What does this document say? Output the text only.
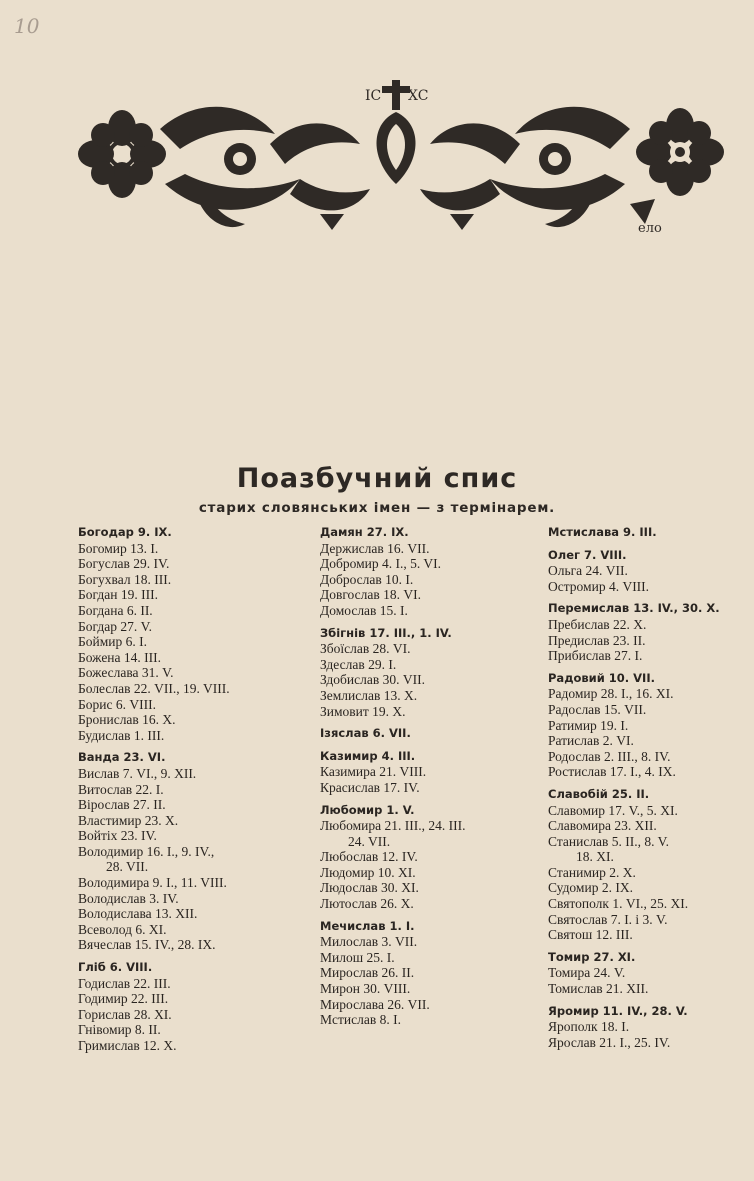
10
IC XC
ело
Поазбучний спис
старих словянських імен — з термінарем.
Богодар 9. IX.
Богомир 13. I.
Богуслав 29. IV.
Богухвал 18. III.
Богдан 19. III.
Богдана 6. II.
Богдар 27. V.
Боймир 6. I.
Божена 14. III.
Божеслава 31. V.
Болеслав 22. VII., 19. VIII.
Борис 6. VIII.
Бронислав 16. X.
Будислав 1. III.
Ванда 23. VI.
Вислав 7. VI., 9. XII.
Витослав 22. I.
Вірослав 27. II.
Властимир 23. X.
Войтіх 23. IV.
Володимир 16. I., 9. IV.,
28. VII.
Володимира 9. I., 11. VIII.
Володислав 3. IV.
Володислава 13. XII.
Всеволод 6. XI.
Вячеслав 15. IV., 28. IX.
Гліб 6. VIII.
Годислав 22. III.
Годимир 22. III.
Горислав 28. XI.
Гнівомир 8. II.
Гримислав 12. X.
Дамян 27. IX.
Держислав 16. VII.
Добромир 4. I., 5. VI.
Доброслав 10. I.
Довгослав 18. VI.
Домослав 15. I.
Збігнів 17. III., 1. IV.
Збоїслав 28. VI.
Здеслав 29. I.
Здобислав 30. VII.
Землислав 13. X.
Зимовит 19. X.
Ізяслав 6. VII.
Казимир 4. III.
Казимира 21. VIII.
Красислав 17. IV.
Любомир 1. V.
Любомира 21. III., 24. III.
24. VII.
Любослав 12. IV.
Людомир 10. XI.
Людослав 30. XI.
Лютослав 26. X.
Мечислав 1. I.
Милослав 3. VII.
Милош 25. I.
Мирослав 26. II.
Мирон 30. VIII.
Мирослава 26. VII.
Мстислав 8. I.
Мстислава 9. III.
Олег 7. VIII.
Ольга 24. VII.
Остромир 4. VIII.
Перемислав 13. IV., 30. X.
Пребислав 22. X.
Предислав 23. II.
Прибислав 27. I.
Радовий 10. VII.
Радомир 28. I., 16. XI.
Радослав 15. VII.
Ратимир 19. I.
Ратислав 2. VI.
Родослав 2. III., 8. IV.
Ростислав 17. I., 4. IX.
Славобій 25. II.
Славомир 17. V., 5. XI.
Славомира 23. XII.
Станислав 5. II., 8. V.
18. XI.
Станимир 2. X.
Судомир 2. IX.
Святополк 1. VI., 25. XI.
Святослав 7. I. і 3. V.
Святош 12. III.
Томир 27. XI.
Томира 24. V.
Томислав 21. XII.
Яромир 11. IV., 28. V.
Ярополк 18. I.
Ярослав 21. I., 25. IV.
